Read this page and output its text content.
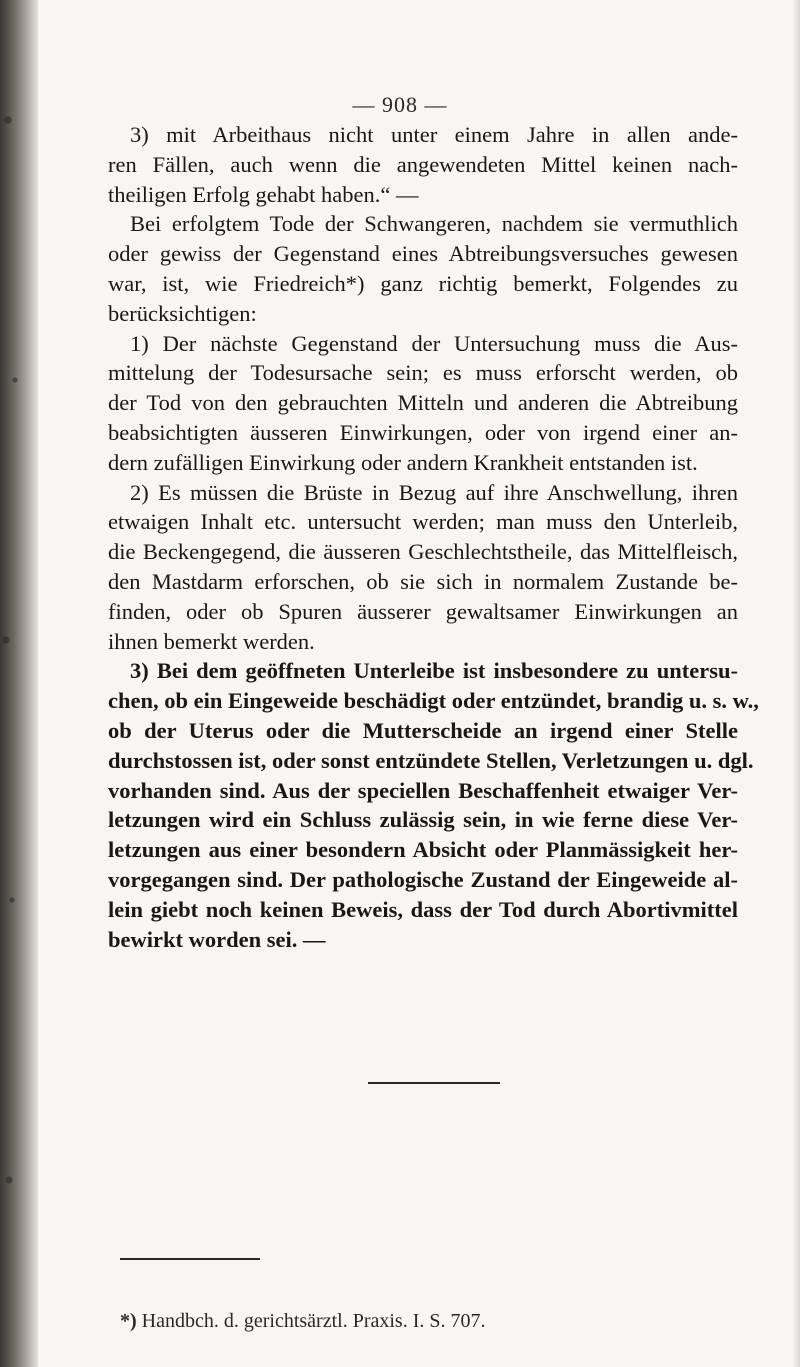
— 908 —
3) mit Arbeithaus nicht unter einem Jahre in allen ande-
ren Fällen, auch wenn die angewendeten Mittel keinen nach-
theiligen Erfolg gehabt haben.“ —
Bei erfolgtem Tode der Schwangeren, nachdem sie vermuthlich
oder gewiss der Gegenstand eines Abtreibungsversuches gewesen
war, ist, wie Friedreich*) ganz richtig bemerkt, Folgendes zu
berücksichtigen:
1) Der nächste Gegenstand der Untersuchung muss die Aus-
mittelung der Todesursache sein; es muss erforscht werden, ob
der Tod von den gebrauchten Mitteln und anderen die Abtreibung
beabsichtigten äusseren Einwirkungen, oder von irgend einer an-
dern zufälligen Einwirkung oder andern Krankheit entstanden ist.
2) Es müssen die Brüste in Bezug auf ihre Anschwellung, ihren
etwaigen Inhalt etc. untersucht werden; man muss den Unterleib,
die Beckengegend, die äusseren Geschlechtstheile, das Mittelfleisch,
den Mastdarm erforschen, ob sie sich in normalem Zustande be-
finden, oder ob Spuren äusserer gewaltsamer Einwirkungen an
ihnen bemerkt werden.
3) Bei dem geöffneten Unterleibe ist insbesondere zu untersu-
chen, ob ein Eingeweide beschädigt oder entzündet, brandig u. s. w.,
ob der Uterus oder die Mutterscheide an irgend einer Stelle
durchstossen ist, oder sonst entzündete Stellen, Verletzungen u. dgl.
vorhanden sind. Aus der speciellen Beschaffenheit etwaiger Ver-
letzungen wird ein Schluss zulässig sein, in wie ferne diese Ver-
letzungen aus einer besondern Absicht oder Planmässigkeit her-
vorgegangen sind. Der pathologische Zustand der Eingeweide al-
lein giebt noch keinen Beweis, dass der Tod durch Abortivmittel
bewirkt worden sei. —
*) Handbch. d. gerichtsärztl. Praxis. I. S. 707.
